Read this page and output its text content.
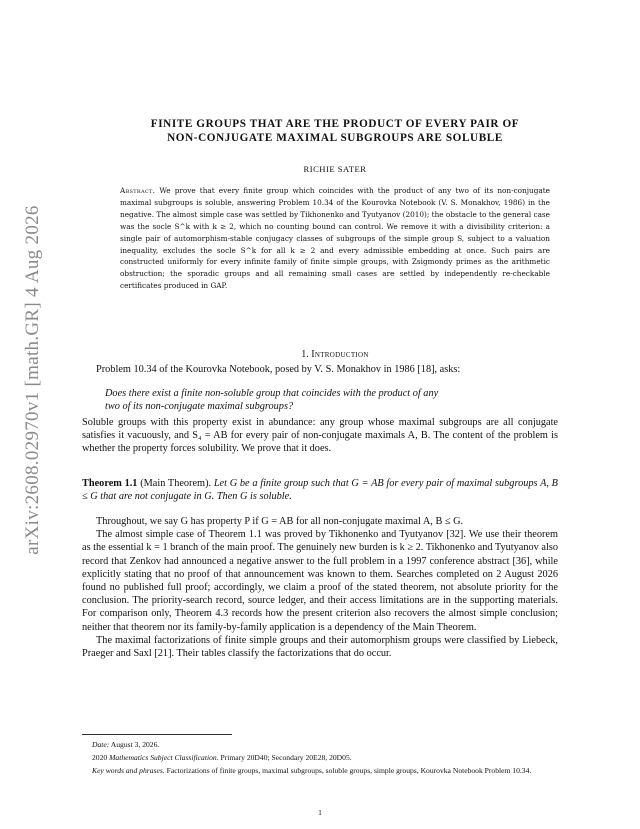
arXiv:2608.02970v1 [math.GR] 4 Aug 2026
FINITE GROUPS THAT ARE THE PRODUCT OF EVERY PAIR OF
NON-CONJUGATE MAXIMAL SUBGROUPS ARE SOLUBLE
RICHIE SATER
Abstract. We prove that every finite group which coincides with the product of any two of its non-conjugate maximal subgroups is soluble, answering Problem 10.34 of the Kourovka Notebook (V. S. Monakhov, 1986) in the negative. The almost simple case was settled by Tikhonenko and Tyutyanov (2010); the obstacle to the general case was the socle S^k with k ≥ 2, which no counting bound can control. We remove it with a divisibility criterion: a single pair of automorphism-stable conjugacy classes of subgroups of the simple group S, subject to a valuation inequality, excludes the socle S^k for all k ≥ 2 and every admissible embedding at once. Such pairs are constructed uniformly for every infinite family of finite simple groups, with Zsigmondy primes as the arithmetic obstruction; the sporadic groups and all remaining small cases are settled by independently re-checkable certificates produced in GAP.
1. Introduction

Problem 10.34 of the Kourovka Notebook, posed by V. S. Monakhov in 1986 [18], asks:

Does there exist a finite non-soluble group that coincides with the product of any
two of its non-conjugate maximal subgroups?

Soluble groups with this property exist in abundance: any group whose maximal subgroups are all conjugate satisfies it vacuously, and S₄ = AB for every pair of non-conjugate maximals A, B. The content of the problem is whether the property forces solubility. We prove that it does.

Theorem 1.1 (Main Theorem). Let G be a finite group such that G = AB for every pair of maximal subgroups A, B ≤ G that are not conjugate in G. Then G is soluble.

Throughout, we say G has property P if G = AB for all non-conjugate maximal A, B ≤ G.

The almost simple case of Theorem 1.1 was proved by Tikhonenko and Tyutyanov [32]. We use their theorem as the essential k = 1 branch of the main proof. The genuinely new burden is k ≥ 2. Tikhonenko and Tyutyanov also record that Zenkov had announced a negative answer to the full problem in a 1997 conference abstract [36], while explicitly stating that no proof of that announcement was known to them. Searches completed on 2 August 2026 found no published full proof; accordingly, we claim a proof of the stated theorem, not absolute priority for the conclusion. The priority-search record, source ledger, and their access limitations are in the supporting materials. For comparison only, Theorem 4.3 records how the present criterion also recovers the almost simple conclusion; neither that theorem nor its family-by-family application is a dependency of the Main Theorem.

The maximal factorizations of finite simple groups and their automorphism groups were classified by Liebeck, Praeger and Saxl [21]. Their tables classify the factorizations that do occur.

Date: August 3, 2026.
2020 Mathematics Subject Classification. Primary 20D40; Secondary 20E28, 20D05.
Key words and phrases. Factorizations of finite groups, maximal subgroups, soluble groups, simple groups, Kourovka Notebook Problem 10.34.
1
